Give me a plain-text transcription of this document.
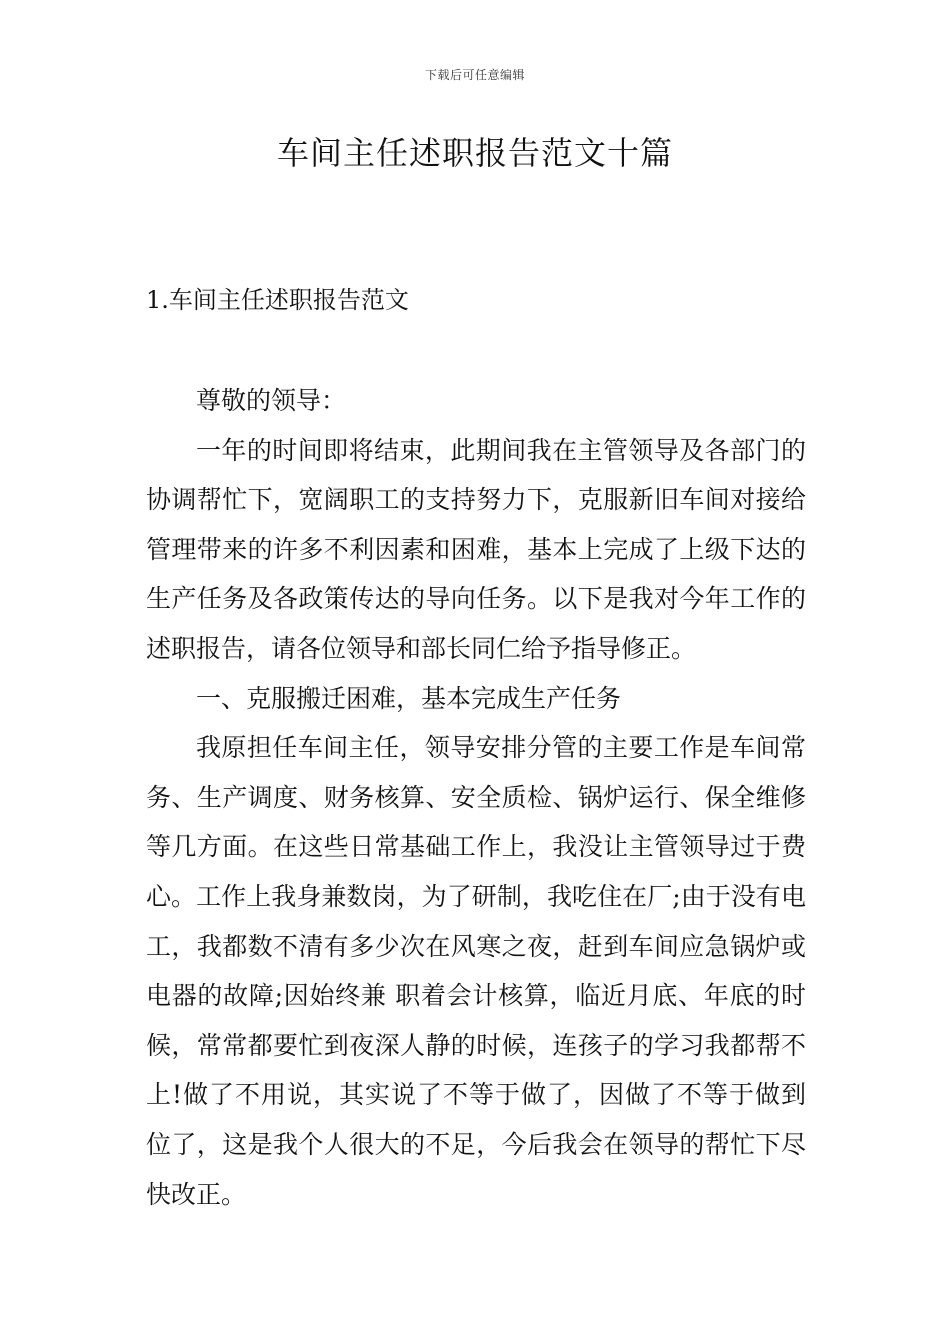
下载后可任意编辑
车间主任述职报告范文十篇
1.车间主任述职报告范文

尊敬的领导：

一年的时间即将结束，此期间我在主管领导及各部门的协调帮忙下，宽阔职工的支持努力下，克服新旧车间对接给管理带来的许多不利因素和困难，基本上完成了上级下达的生产任务及各政策传达的导向任务。以下是我对今年工作的述职报告，请各位领导和部长同仁给予指导修正。

一、克服搬迁困难，基本完成生产任务

我原担任车间主任，领导安排分管的主要工作是车间常务、生产调度、财务核算、安全质检、锅炉运行、保全维修等几方面。在这些日常基础工作上，我没让主管领导过于费心。工作上我身兼数岗，为了研制，我吃住在厂;由于没有电工，我都数不清有多少次在风寒之夜，赶到车间应急锅炉或电器的故障;因始终兼 职着会计核算，临近月底、年底的时候，常常都要忙到夜深人静的时候，连孩子的学习我都帮不上!做了不用说，其实说了不等于做了，因做了不等于做到位了，这是我个人很大的不足，今后我会在领导的帮忙下尽快改正。
